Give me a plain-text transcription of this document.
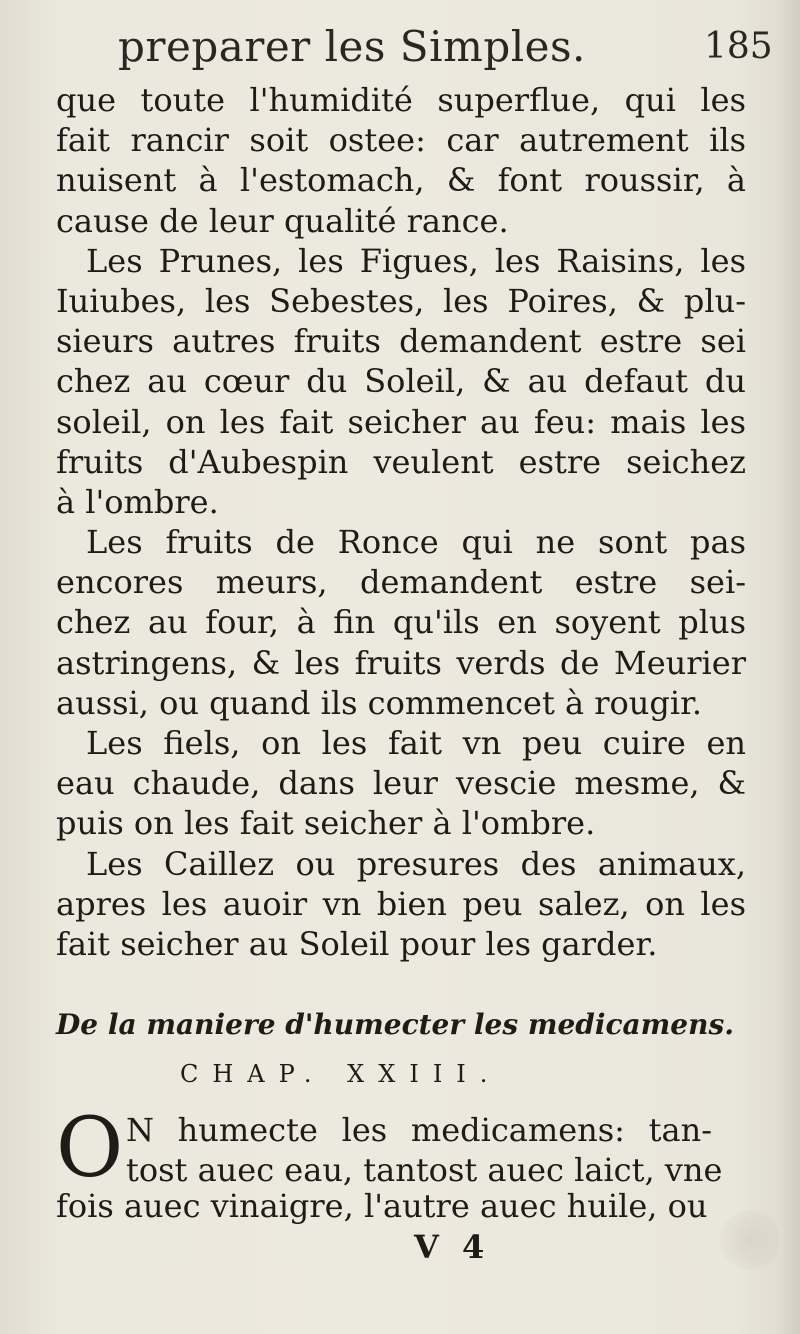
preparer les Simples.	185
que toute l'humidité superflue, qui les
fait rancir soit ostee: car autrement ils
nuisent à l'estomach, & font roussir, à
cause de leur qualité rance.
Les Prunes, les Figues, les Raisins, les
Iuiubes, les Sebestes, les Poires, & plu-
sieurs autres fruits demandent estre sei
chez au cœur du Soleil, & au defaut du
soleil, on les fait seicher au feu: mais les
fruits d'Aubespin veulent estre seichez
à l'ombre.
Les fruits de Ronce qui ne sont pas
encores meurs, demandent estre sei-
chez au four, à fin qu'ils en soyent plus
astringens, & les fruits verds de Meurier
aussi, ou quand ils commencet à rougir.
Les fiels, on les fait vn peu cuire en
eau chaude, dans leur vescie mesme, &
puis on les fait seicher à l'ombre.
Les Caillez ou presures des animaux,
apres les auoir vn bien peu salez, on les
fait seicher au Soleil pour les garder.
De la maniere d'humecter les medicamens.
CHAP. XXIII.
O N humecte les medicamens: tan-
tost auec eau, tantost auec laict, vne
fois auec vinaigre, l'autre auec huile, ou
V 4
